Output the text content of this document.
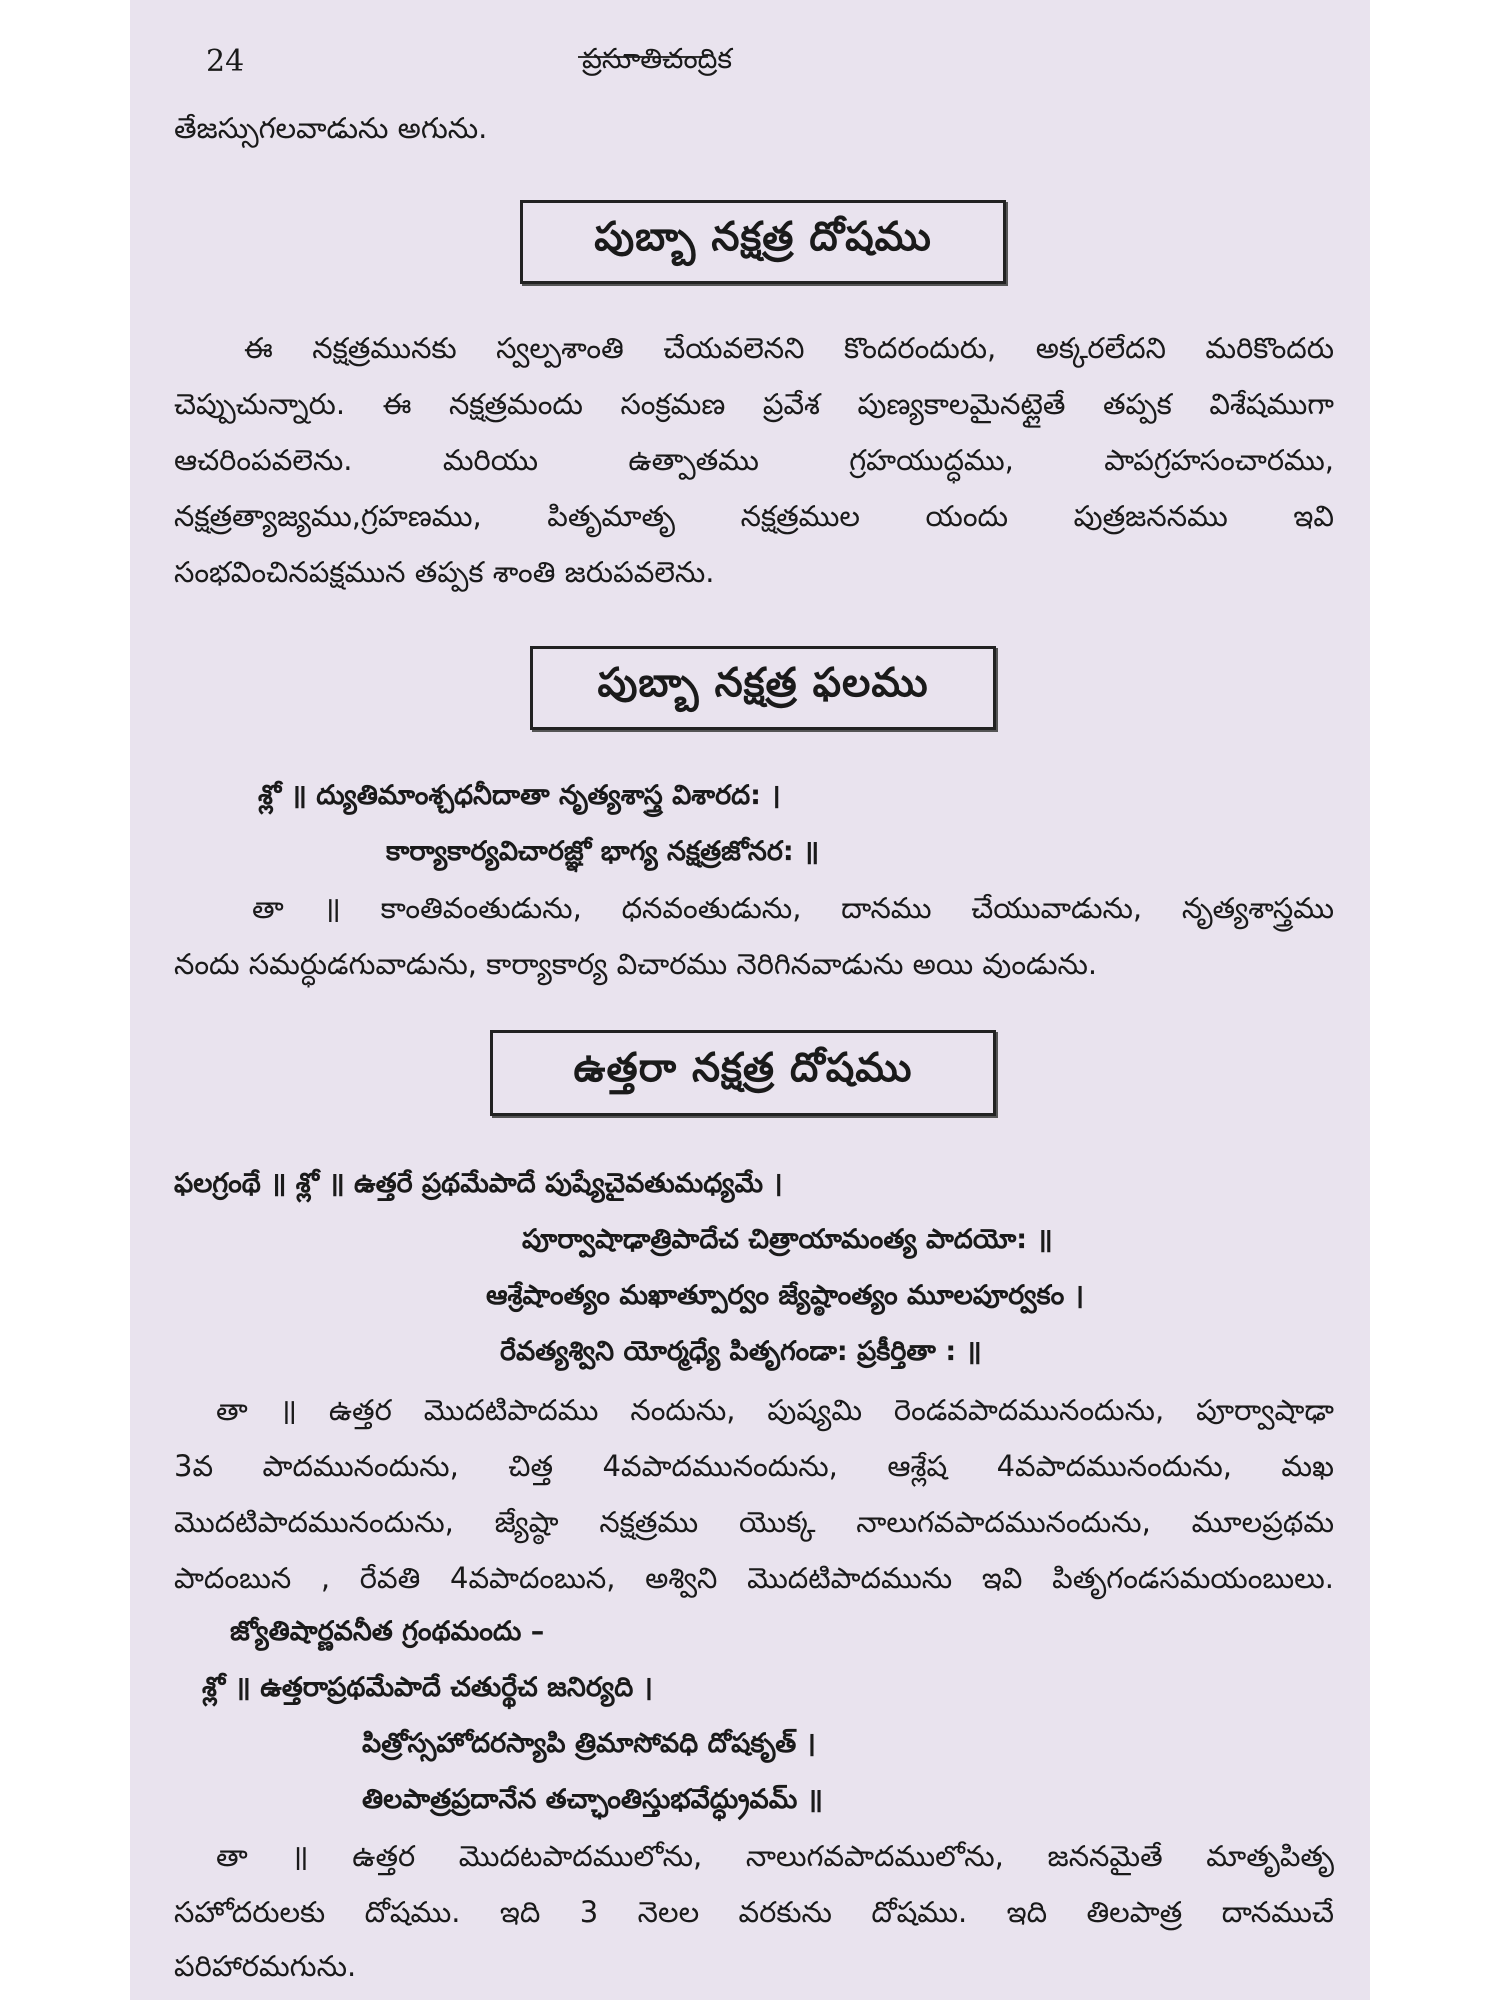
24	ప్రసూతిచంద్రిక

తేజస్సుగలవాడును అగును.

పుబ్బా నక్షత్ర దోషము

ఈ నక్షత్రమునకు స్వల్పశాంతి చేయవలెనని కొందరందురు, అక్కరలేదని మరికొందరు

చెప్పుచున్నారు. ఈ నక్షత్రమందు సంక్రమణ ప్రవేశ పుణ్యకాలమైనట్లైతే తప్పక విశేషముగా

ఆచరింపవలెను. మరియు ఉత్పాతము గ్రహయుద్ధము, పాపగ్రహసంచారము,

నక్షత్రత్యాజ్యము,గ్రహణము, పితృమాతృ నక్షత్రముల యందు పుత్రజననము ఇవి

సంభవించినపక్షమున తప్పక శాంతి జరుపవలెను.

పుబ్బా నక్షత్ర ఫలము

శ్లో ॥ ద్యుతిమాంశ్చధనీదాతా నృత్యశాస్త్ర విశారద: ।

కార్యాకార్యవిచారజ్ఞో భాగ్య నక్షత్రజోనర: ॥

తా ॥ కాంతివంతుడును, ధనవంతుడును, దానము చేయువాడును, నృత్యశాస్త్రము

నందు సమర్ధుడగువాడును, కార్యాకార్య విచారము నెరిగినవాడును అయి వుండును.

ఉత్తరా నక్షత్ర దోషము

ఫలగ్రంథే ॥ శ్లో ॥ ఉత్తరే ప్రథమేపాదే పుష్యేచైవతుమధ్యమే ।

పూర్వాషాఢాత్రిపాదేచ చిత్రాయామంత్య పాదయో: ॥

ఆశ్రేషాంత్యం మఖాత్పూర్వం జ్యేష్ఠాంత్యం మూలపూర్వకం ।

రేవత్యశ్విని యోర్మధ్యే పితృగండా: ప్రకీర్తితా : ॥

తా ॥ ఉత్తర మొదటిపాదము నందును, పుష్యమి రెండవపాదమునందును, పూర్వాషాఢా

3వ పాదమునందును, చిత్త 4వపాదమునందును, ఆశ్లేష 4వపాదమునందును, మఖ

మొదటిపాదమునందును, జ్యేష్ఠా నక్షత్రము యొక్క నాలుగవపాదమునందును, మూలప్రథమ

పాదంబున , రేవతి 4వపాదంబున, అశ్విని మొదటిపాదమును ఇవి పితృగండసమయంబులు.

జ్యోతిషార్ణవనీత గ్రంథమందు –

శ్లో ॥ ఉత్తరాప్రథమేపాదే చతుర్థేచ జనిర్యది ।

పిత్రోస్సహోదరస్యాపి త్రిమాసోవధి దోషకృత్ ।

తిలపాత్రప్రదానేన తచ్ఛాంతిస్తుభవేద్ధ్రువమ్ ॥

తా ॥ ఉత్తర మొదటపాదములోను, నాలుగవపాదములోను, జననమైతే మాతృపితృ

సహోదరులకు దోషము. ఇది 3 నెలల వరకును దోషము. ఇది తిలపాత్ర దానముచే

పరిహారమగును.
